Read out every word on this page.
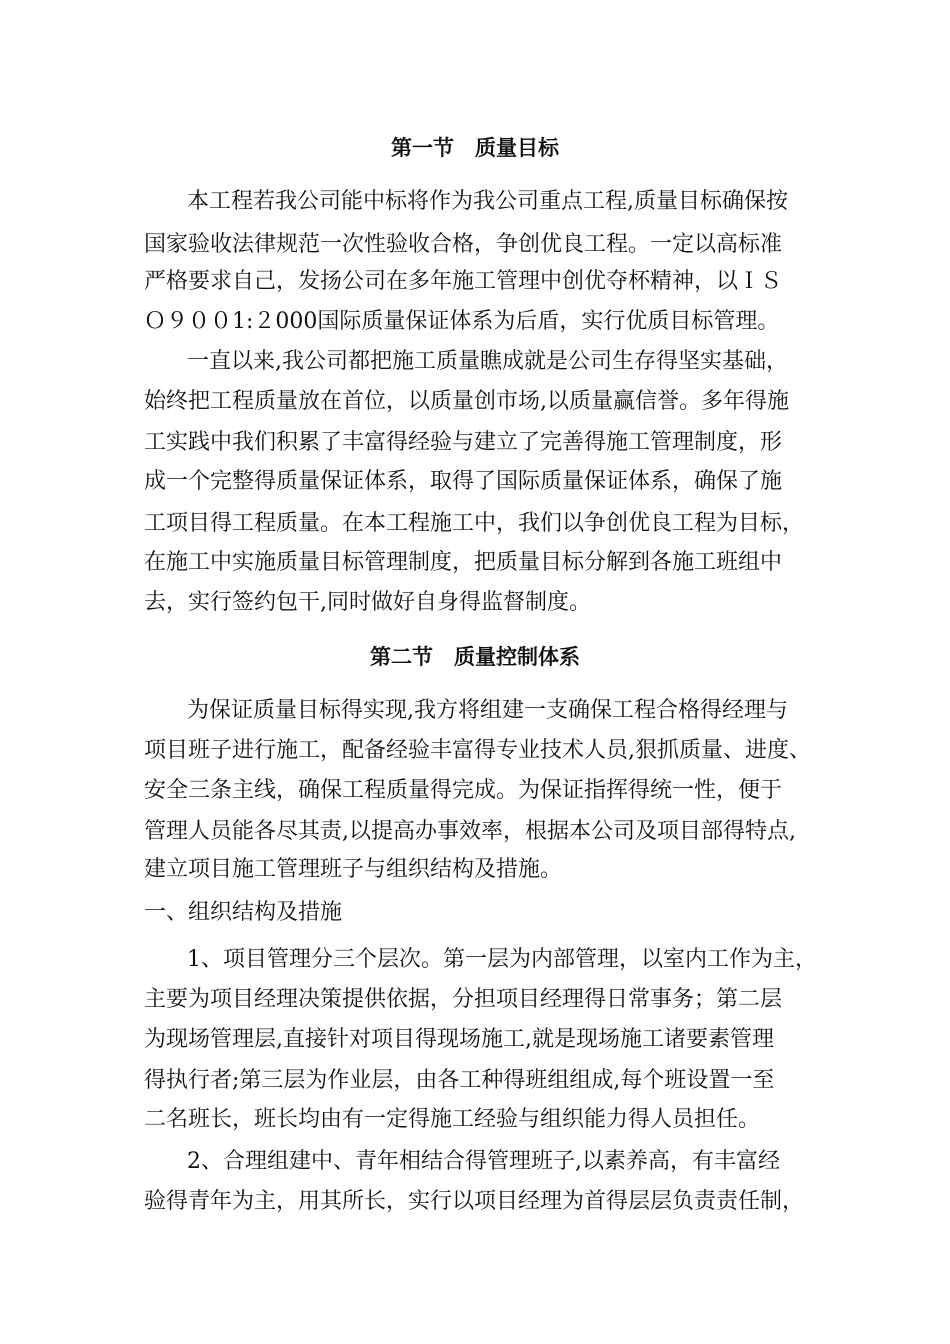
第一节　质量目标
本工程若我公司能中标将作为我公司重点工程,质量目标确保按
国家验收法律规范一次性验收合格，争创优良工程。一定以高标准
严格要求自己，发扬公司在多年施工管理中创优夺杯精神，以ＩＳ
Ｏ９００1:２000国际质量保证体系为后盾，实行优质目标管理。
一直以来,我公司都把施工质量瞧成就是公司生存得坚实基础，
始终把工程质量放在首位，以质量创市场,以质量赢信誉。多年得施
工实践中我们积累了丰富得经验与建立了完善得施工管理制度，形
成一个完整得质量保证体系，取得了国际质量保证体系，确保了施
工项目得工程质量。在本工程施工中，我们以争创优良工程为目标，
在施工中实施质量目标管理制度，把质量目标分解到各施工班组中
去，实行签约包干,同时做好自身得监督制度。
第二节　质量控制体系
为保证质量目标得实现,我方将组建一支确保工程合格得经理与
项目班子进行施工，配备经验丰富得专业技术人员,狠抓质量、进度、
安全三条主线，确保工程质量得完成。为保证指挥得统一性，便于
管理人员能各尽其责,以提高办事效率，根据本公司及项目部得特点,
建立项目施工管理班子与组织结构及措施。
一、组织结构及措施
1、项目管理分三个层次。第一层为内部管理，以室内工作为主，
主要为项目经理决策提供依据，分担项目经理得日常事务；第二层
为现场管理层,直接针对项目得现场施工,就是现场施工诸要素管理
得执行者;第三层为作业层，由各工种得班组组成,每个班设置一至
二名班长，班长均由有一定得施工经验与组织能力得人员担任。
2、合理组建中、青年相结合得管理班子,以素养高，有丰富经
验得青年为主，用其所长，实行以项目经理为首得层层负责责任制，
